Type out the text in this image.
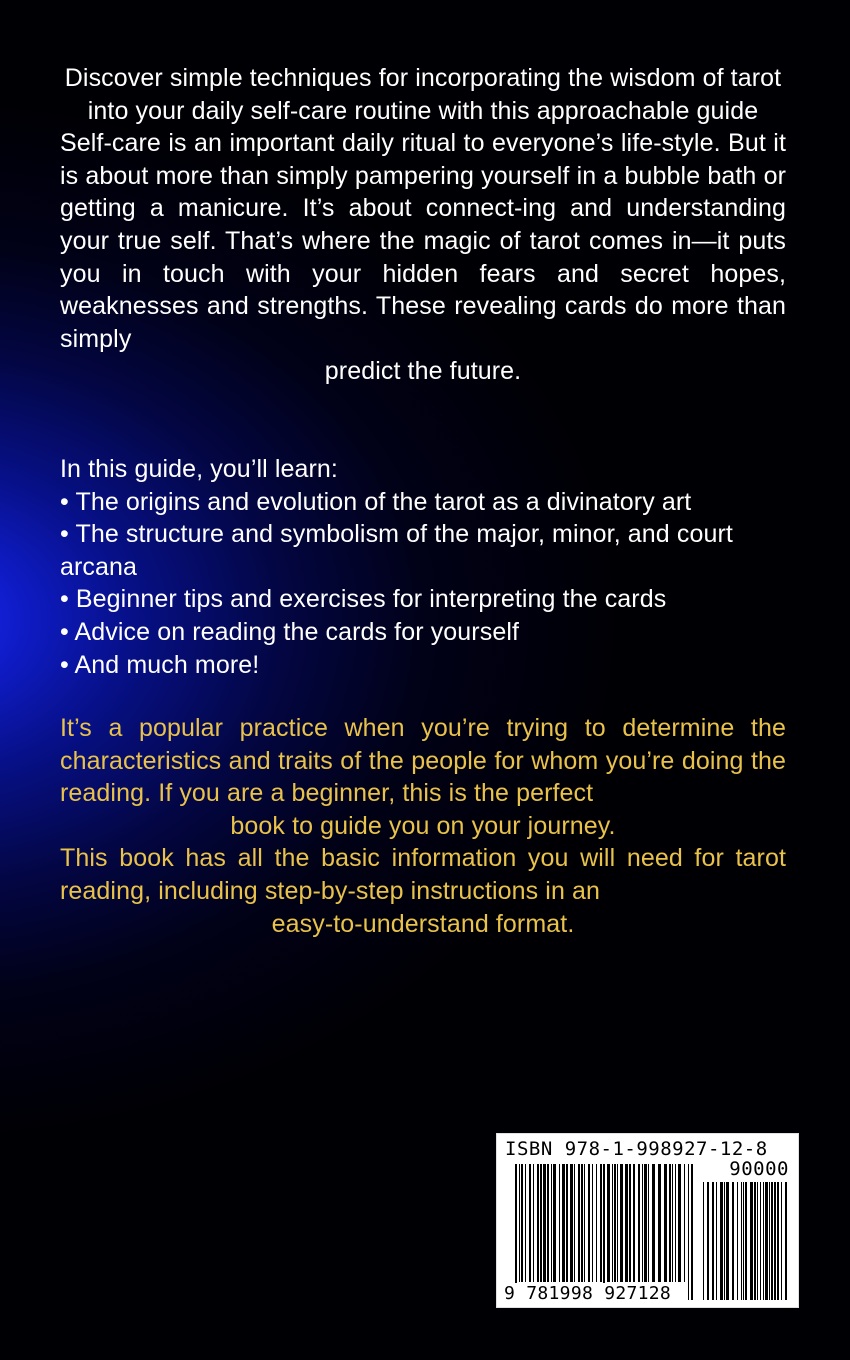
Discover simple techniques for incorporating the wisdom of tarot into your daily self-care routine with this approachable guide
Self-care is an important daily ritual to everyone’s life-style. But it is about more than simply pampering yourself in a bubble bath or getting a manicure. It’s about connect-ing and understanding your true self. That’s where the magic of tarot comes in—it puts you in touch with your hidden fears and secret hopes, weaknesses and strengths. These revealing cards do more than simply
predict the future.
In this guide, you’ll learn:
• The origins and evolution of the tarot as a divinatory art
• The structure and symbolism of the major, minor, and court arcana
• Beginner tips and exercises for interpreting the cards
• Advice on reading the cards for yourself
• And much more!
It’s a popular practice when you’re trying to determine the characteristics and traits of the people for whom you’re doing the reading. If you are a beginner, this is the perfect
book to guide you on your journey.
This book has all the basic information you will need for tarot reading, including step-by-step instructions in an
easy-to-understand format.
ISBN 978-1-998927-12-8
90000
9 781998 927128
